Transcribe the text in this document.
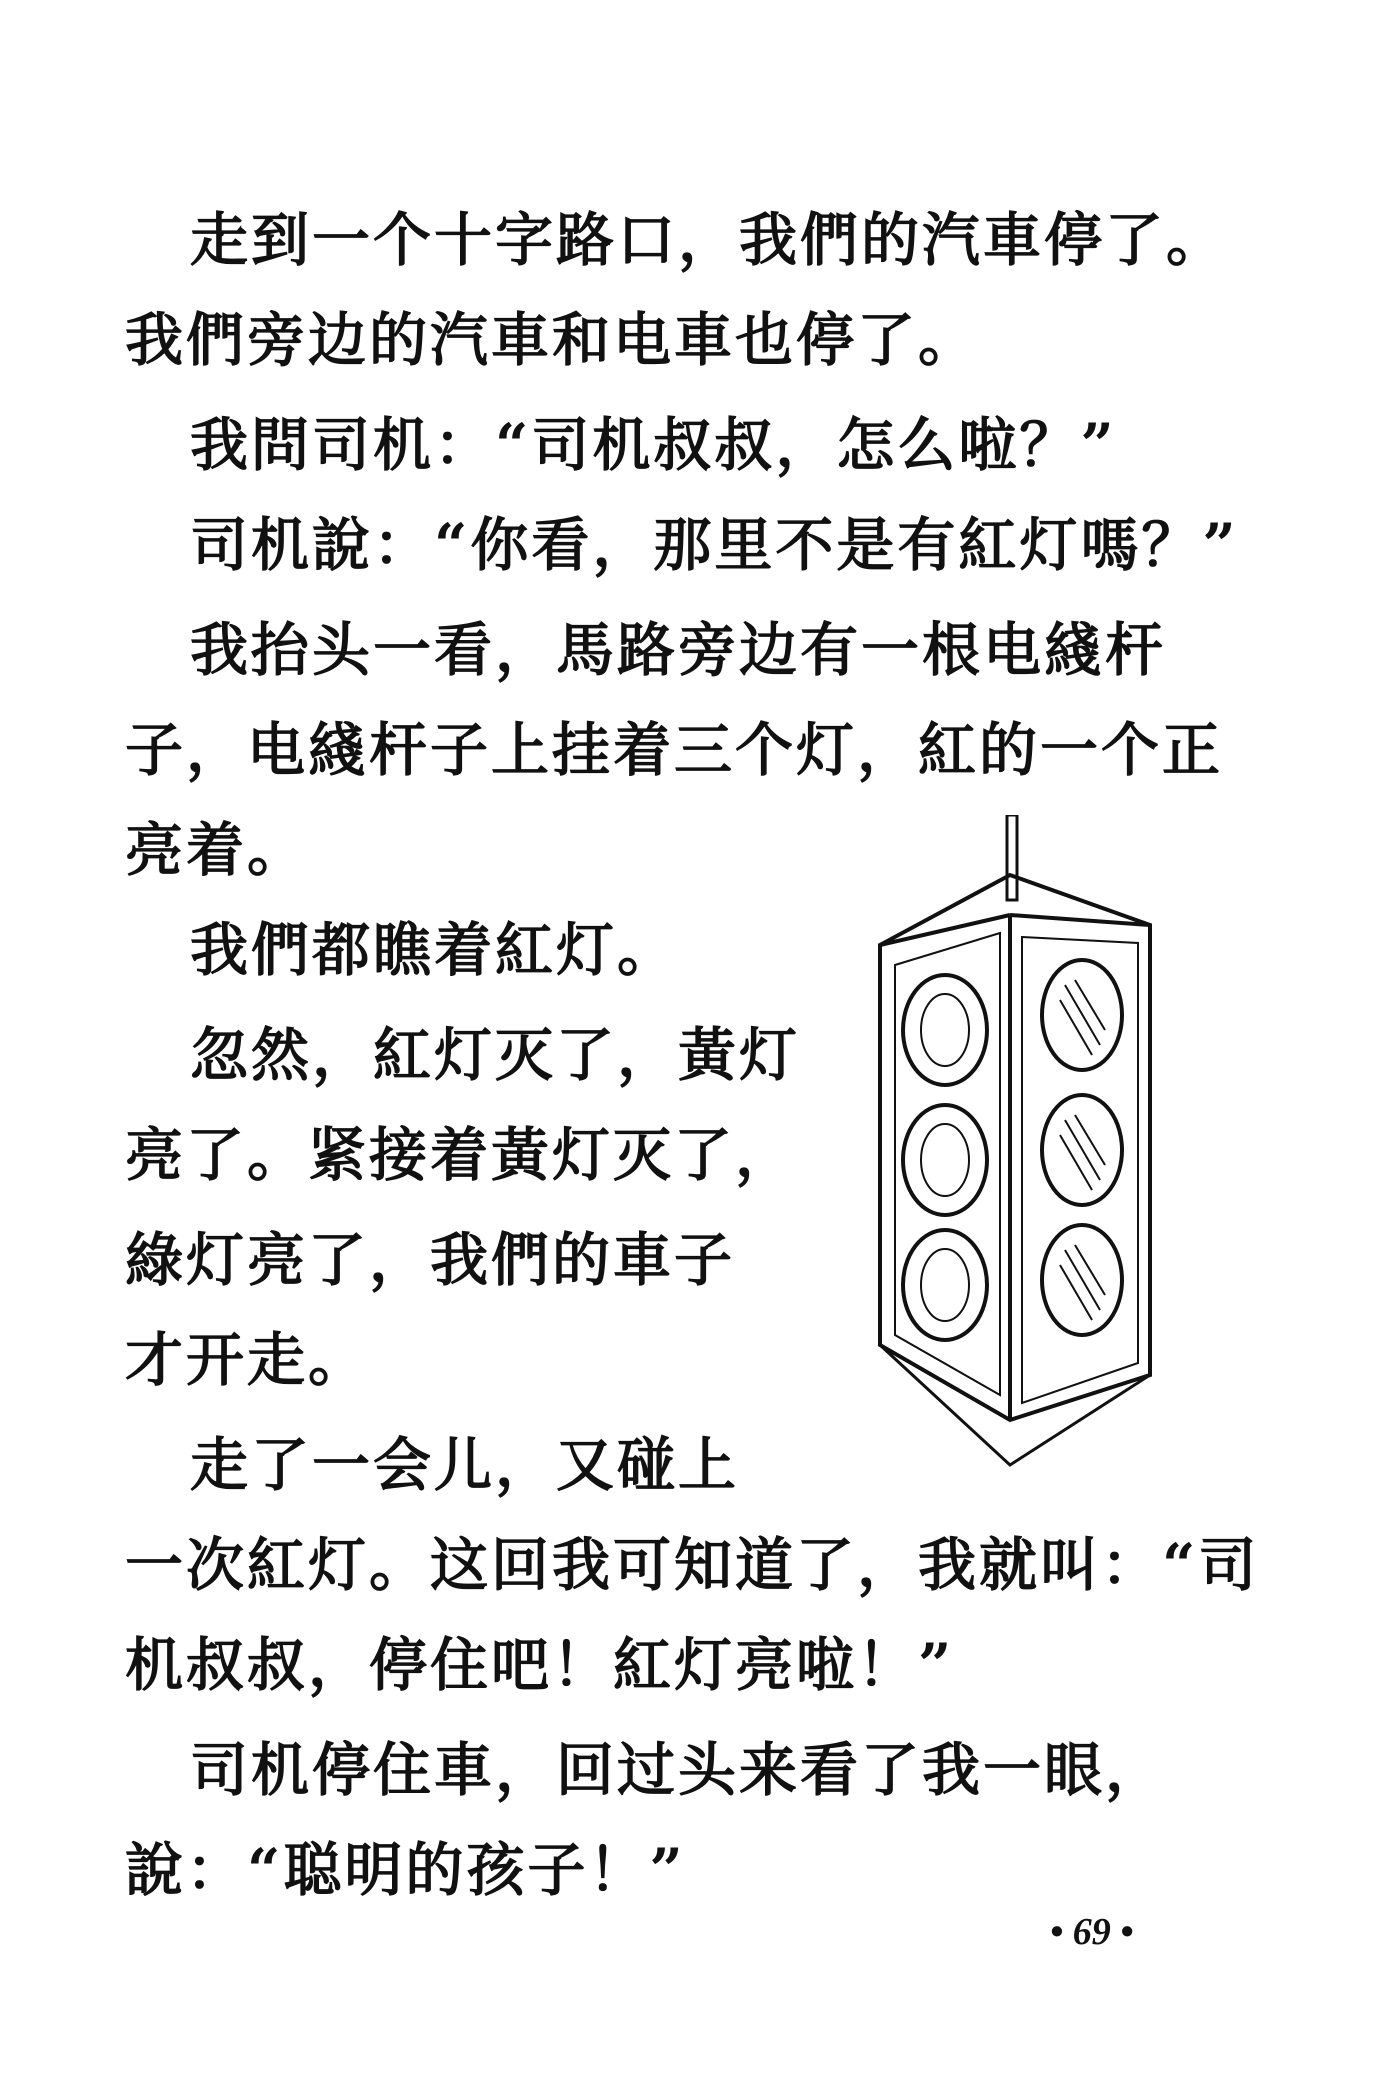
走到一个十字路口，我們的汽車停了。
我們旁边的汽車和电車也停了。
我問司机：“司机叔叔，怎么啦？”
司机說：“你看，那里不是有紅灯嗎？”
我抬头一看，馬路旁边有一根电綫杆
子，电綫杆子上挂着三个灯，紅的一个正
亮着。
我們都瞧着紅灯。
忽然，紅灯灭了，黃灯
亮了。紧接着黃灯灭了，
綠灯亮了，我們的車子
才开走。
走了一会儿，又碰上
一次紅灯。这回我可知道了，我就叫：“司
机叔叔，停住吧！紅灯亮啦！”
司机停住車，回过头来看了我一眼，
說：“聪明的孩子！”
• 69 •
